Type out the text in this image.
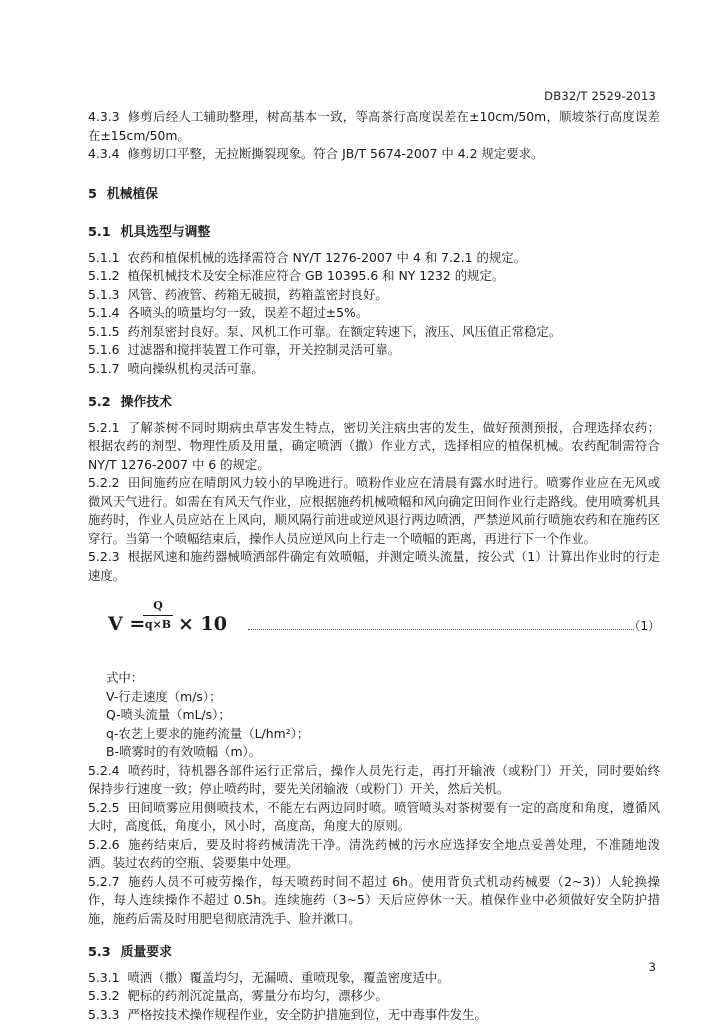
DB32/T 2529-2013

4.3.3 修剪后经人工辅助整理，树高基本一致，等高茶行高度误差在±10cm/50m，顺坡茶行高度误差在±15cm/50m。

4.3.4 修剪切口平整，无拉断撕裂现象。符合 JB/T 5674-2007 中 4.2 规定要求。

5 机械植保
5.1 机具选型与调整

5.1.1 农药和植保机械的选择需符合 NY/T 1276-2007 中 4 和 7.2.1 的规定。

5.1.2 植保机械技术及安全标准应符合 GB 10395.6 和 NY 1232 的规定。

5.1.3 风管、药液管、药箱无破损，药箱盖密封良好。

5.1.4 各喷头的喷量均匀一致，误差不超过±5%。

5.1.5 药剂泵密封良好。泵、风机工作可靠。在额定转速下，液压、风压值正常稳定。

5.1.6 过滤器和搅拌装置工作可靠，开关控制灵活可靠。

5.1.7 喷向操纵机构灵活可靠。

5.2 操作技术

5.2.1 了解茶树不同时期病虫草害发生特点，密切关注病虫害的发生，做好预测预报，合理选择农药；根据农药的剂型、物理性质及用量，确定喷洒（撒）作业方式，选择相应的植保机械。农药配制需符合 NY/T 1276-2007 中 6 的规定。

5.2.2 田间施药应在晴朗风力较小的早晚进行。喷粉作业应在清晨有露水时进行。喷雾作业应在无风或微风天气进行。如需在有风天气作业，应根据施药机械喷幅和风向确定田间作业行走路线。使用喷雾机具施药时，作业人员应站在上风向，顺风隔行前进或逆风退行两边喷洒，严禁逆风前行喷施农药和在施药区穿行。当第一个喷幅结束后，操作人员应逆风向上行走一个喷幅的距离，再进行下一个作业。

5.2.3 根据风速和施药器械喷洒部件确定有效喷幅，并测定喷头流量，按公式（1）计算出作业时的行走速度。

V =
Q
q×B × 10	（1）

式中：

V-行走速度（m/s）；

Q-喷头流量（mL/s）；

q-农艺上要求的施药流量（L/hm²）；

B-喷雾时的有效喷幅（m）。

5.2.4 喷药时，待机器各部件运行正常后，操作人员先行走，再打开输液（或粉门）开关，同时要始终保持步行速度一致；停止喷药时，要先关闭输液（或粉门）开关，然后关机。

5.2.5 田间喷雾应用侧喷技术，不能左右两边同时喷。喷管喷头对茶树要有一定的高度和角度，遵循风大时，高度低，角度小，风小时，高度高，角度大的原则。

5.2.6 施药结束后，要及时将药械清洗干净。清洗药械的污水应选择安全地点妥善处理，不准随地泼洒。装过农药的空瓶、袋要集中处理。

5.2.7 施药人员不可疲劳操作，每天喷药时间不超过 6h。使用背负式机动药械要（2~3)）人轮换操作，每人连续操作不超过 0.5h。连续施药（3~5）天后应停休一天。植保作业中必须做好安全防护措施，施药后需及时用肥皂彻底清洗手、脸并漱口。

5.3 质量要求

5.3.1 喷洒（撒）覆盖均匀，无漏喷、重喷现象，覆盖密度适中。

5.3.2 靶标的药剂沉淀量高，雾量分布均匀，漂移少。

5.3.3 严格按技术操作规程作业，安全防护措施到位，无中毒事件发生。

3
